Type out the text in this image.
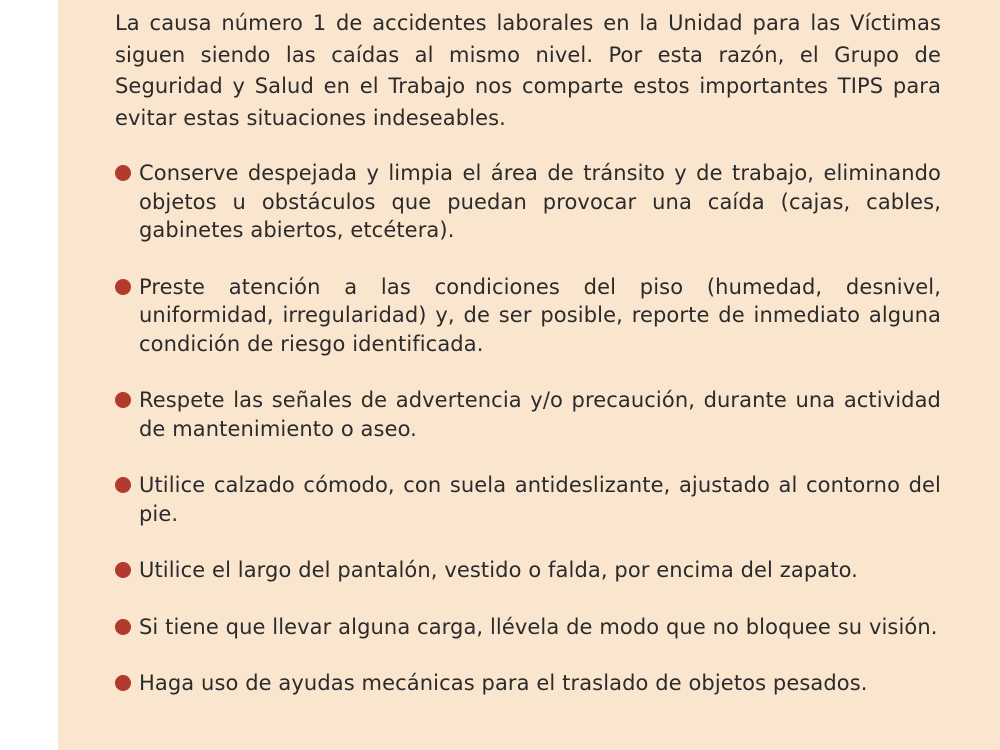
La causa número 1 de accidentes laborales en la Unidad para las Víctimas siguen siendo las caídas al mismo nivel. Por esta razón, el Grupo de Seguridad y Salud en el Trabajo nos comparte estos importantes TIPS para evitar estas situaciones indeseables.

Conserve despejada y limpia el área de tránsito y de trabajo, eliminando objetos u obstáculos que puedan provocar una caída (cajas, cables, gabinetes abiertos, etcétera).
Preste atención a las condiciones del piso (humedad, desnivel, uniformidad, irregularidad) y, de ser posible, reporte de inmediato alguna condición de riesgo identificada.
Respete las señales de advertencia y/o precaución, durante una actividad de mantenimiento o aseo.
Utilice calzado cómodo, con suela antideslizante, ajustado al contorno del pie.
Utilice el largo del pantalón, vestido o falda, por encima del zapato.
Si tiene que llevar alguna carga, llévela de modo que no bloquee su visión.
Haga uso de ayudas mecánicas para el traslado de objetos pesados.
